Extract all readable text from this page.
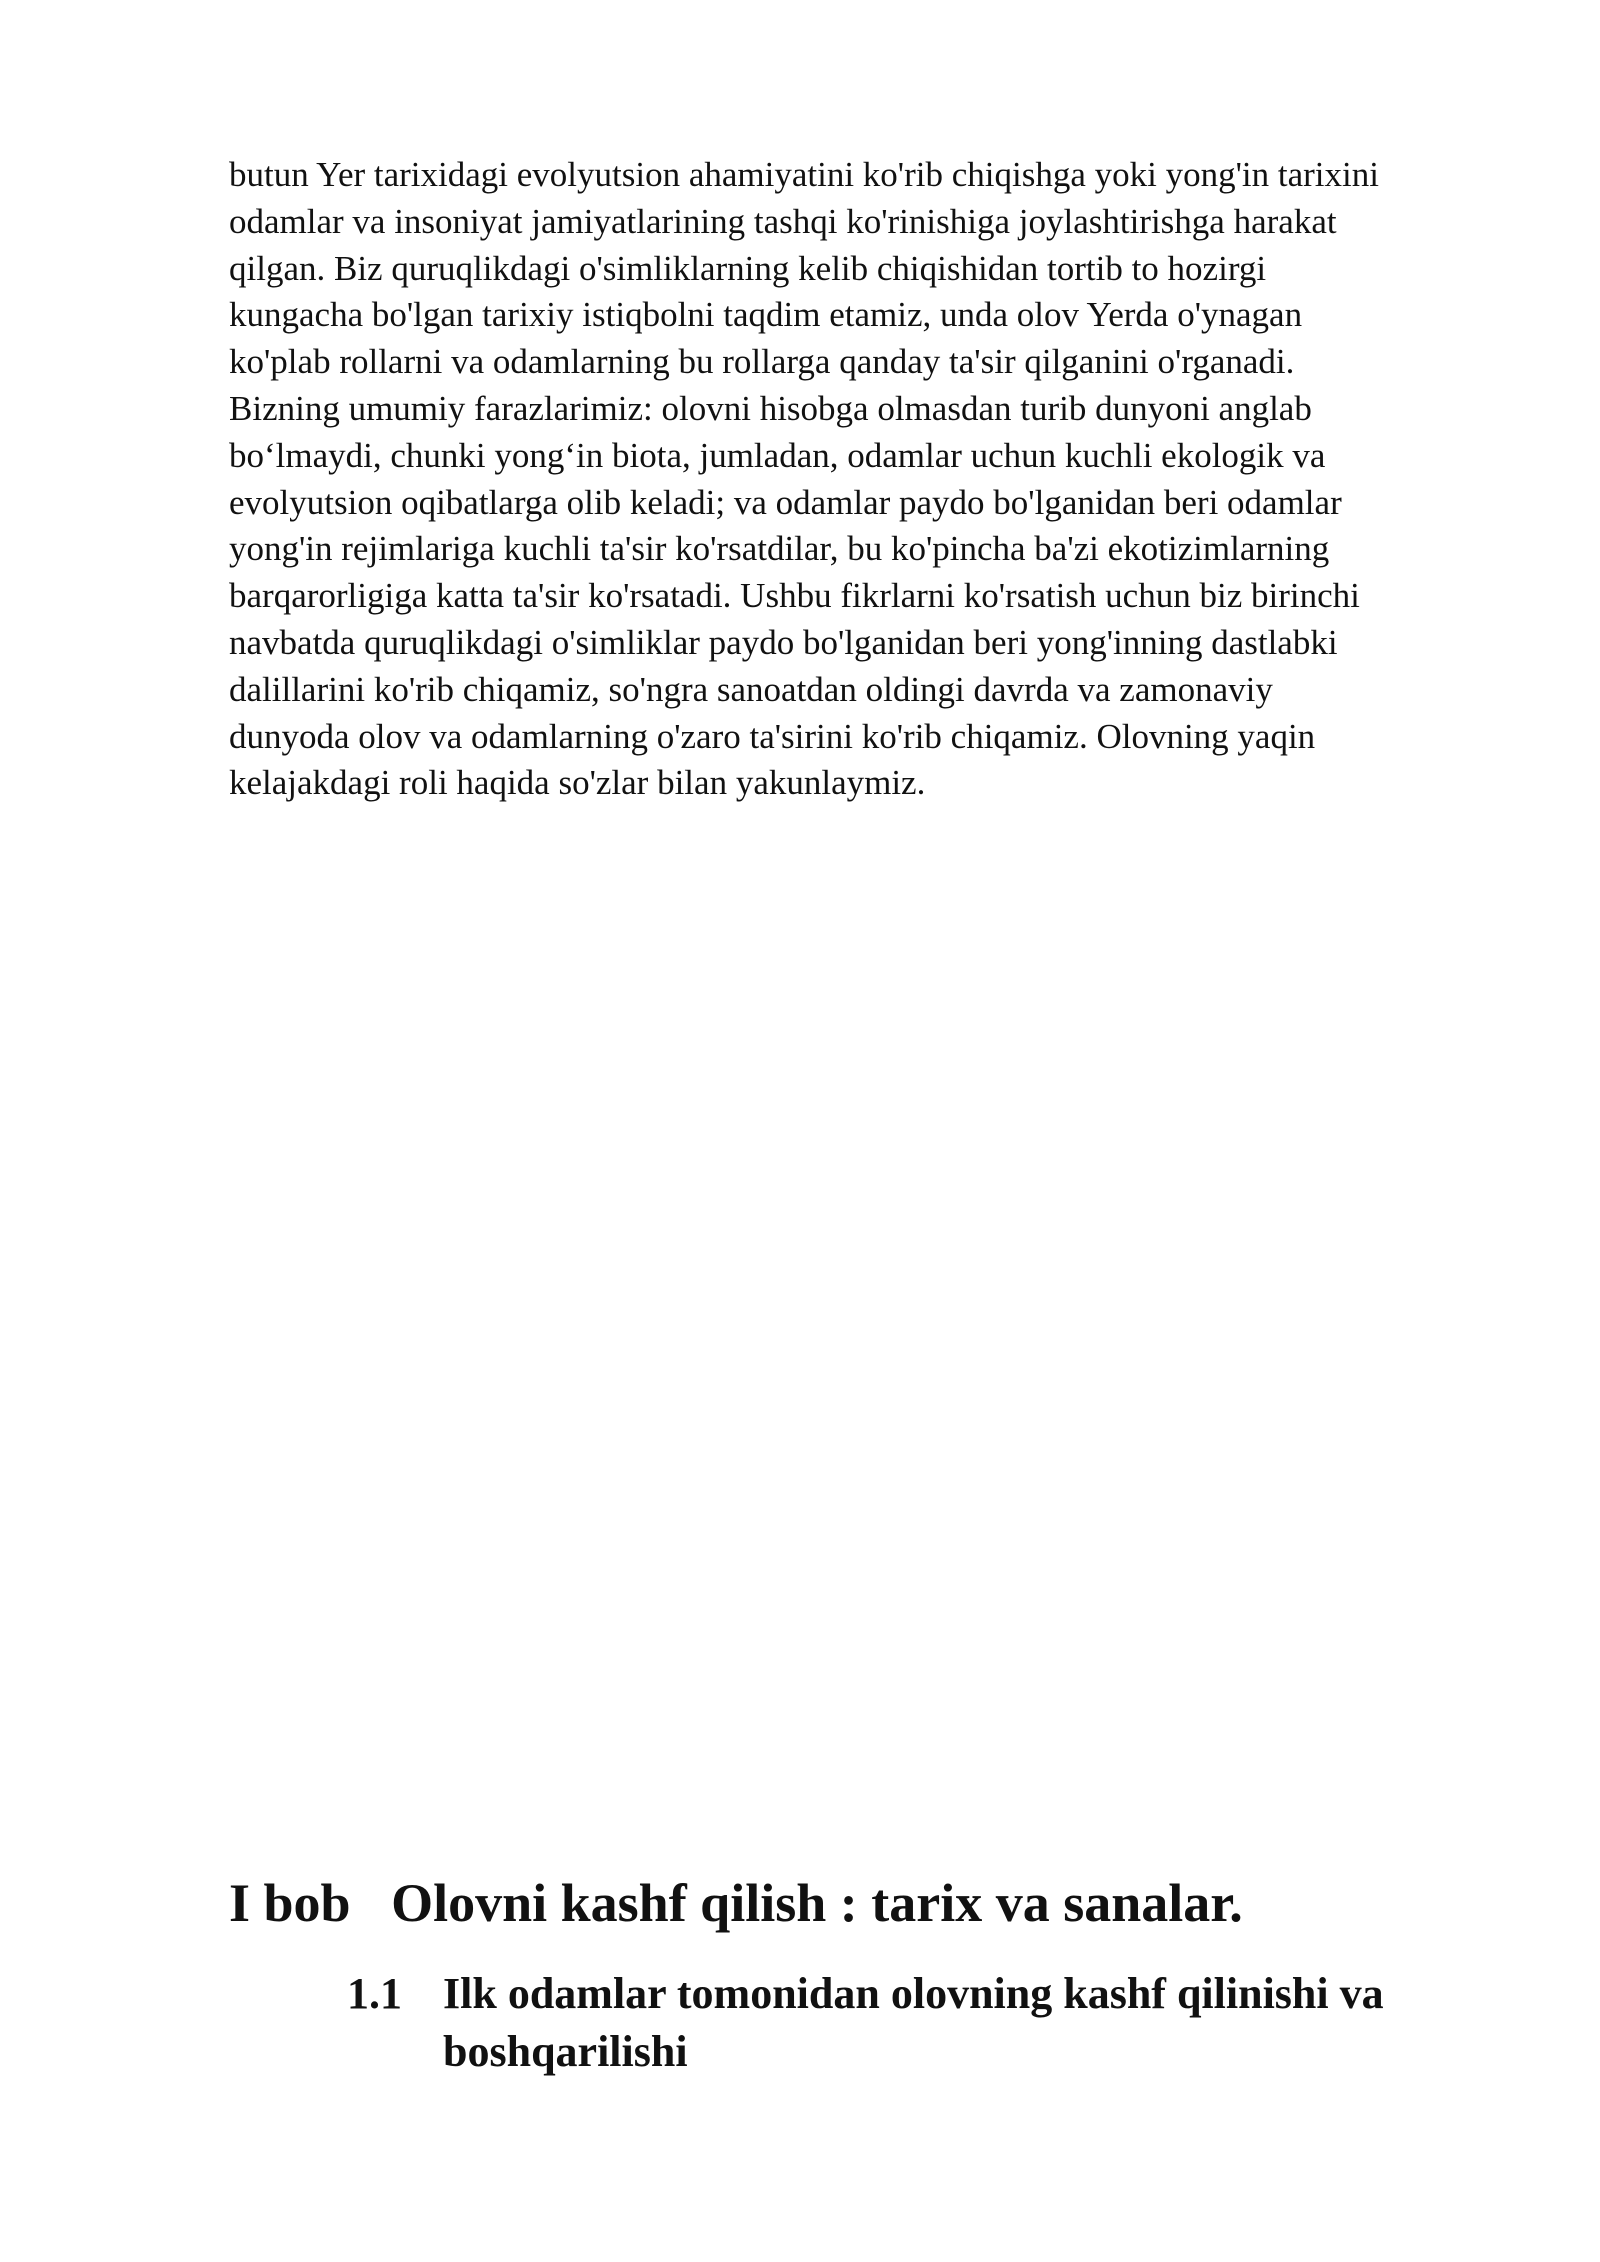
butun Yer tarixidagi evolyutsion ahamiyatini ko'rib chiqishga yoki yong'in tarixini
odamlar va insoniyat jamiyatlarining tashqi ko'rinishiga joylashtirishga harakat
qilgan. Biz quruqlikdagi o'simliklarning kelib chiqishidan tortib to hozirgi
kungacha bo'lgan tarixiy istiqbolni taqdim etamiz, unda olov Yerda o'ynagan
ko'plab rollarni va odamlarning bu rollarga qanday ta'sir qilganini o'rganadi.
Bizning umumiy farazlarimiz: olovni hisobga olmasdan turib dunyoni anglab
bo‘lmaydi, chunki yong‘in biota, jumladan, odamlar uchun kuchli ekologik va
evolyutsion oqibatlarga olib keladi; va odamlar paydo bo'lganidan beri odamlar
yong'in rejimlariga kuchli ta'sir ko'rsatdilar, bu ko'pincha ba'zi ekotizimlarning
barqarorligiga katta ta'sir ko'rsatadi. Ushbu fikrlarni ko'rsatish uchun biz birinchi
navbatda quruqlikdagi o'simliklar paydo bo'lganidan beri yong'inning dastlabki
dalillarini ko'rib chiqamiz, so'ngra sanoatdan oldingi davrda va zamonaviy
dunyoda olov va odamlarning o'zaro ta'sirini ko'rib chiqamiz. Olovning yaqin
kelajakdagi roli haqida so'zlar bilan yakunlaymiz.

I bob   Olovni kashf qilish : tarix va sanalar.
1.1 Ilk odamlar tomonidan olovning kashf qilinishi va
boshqarilishi
